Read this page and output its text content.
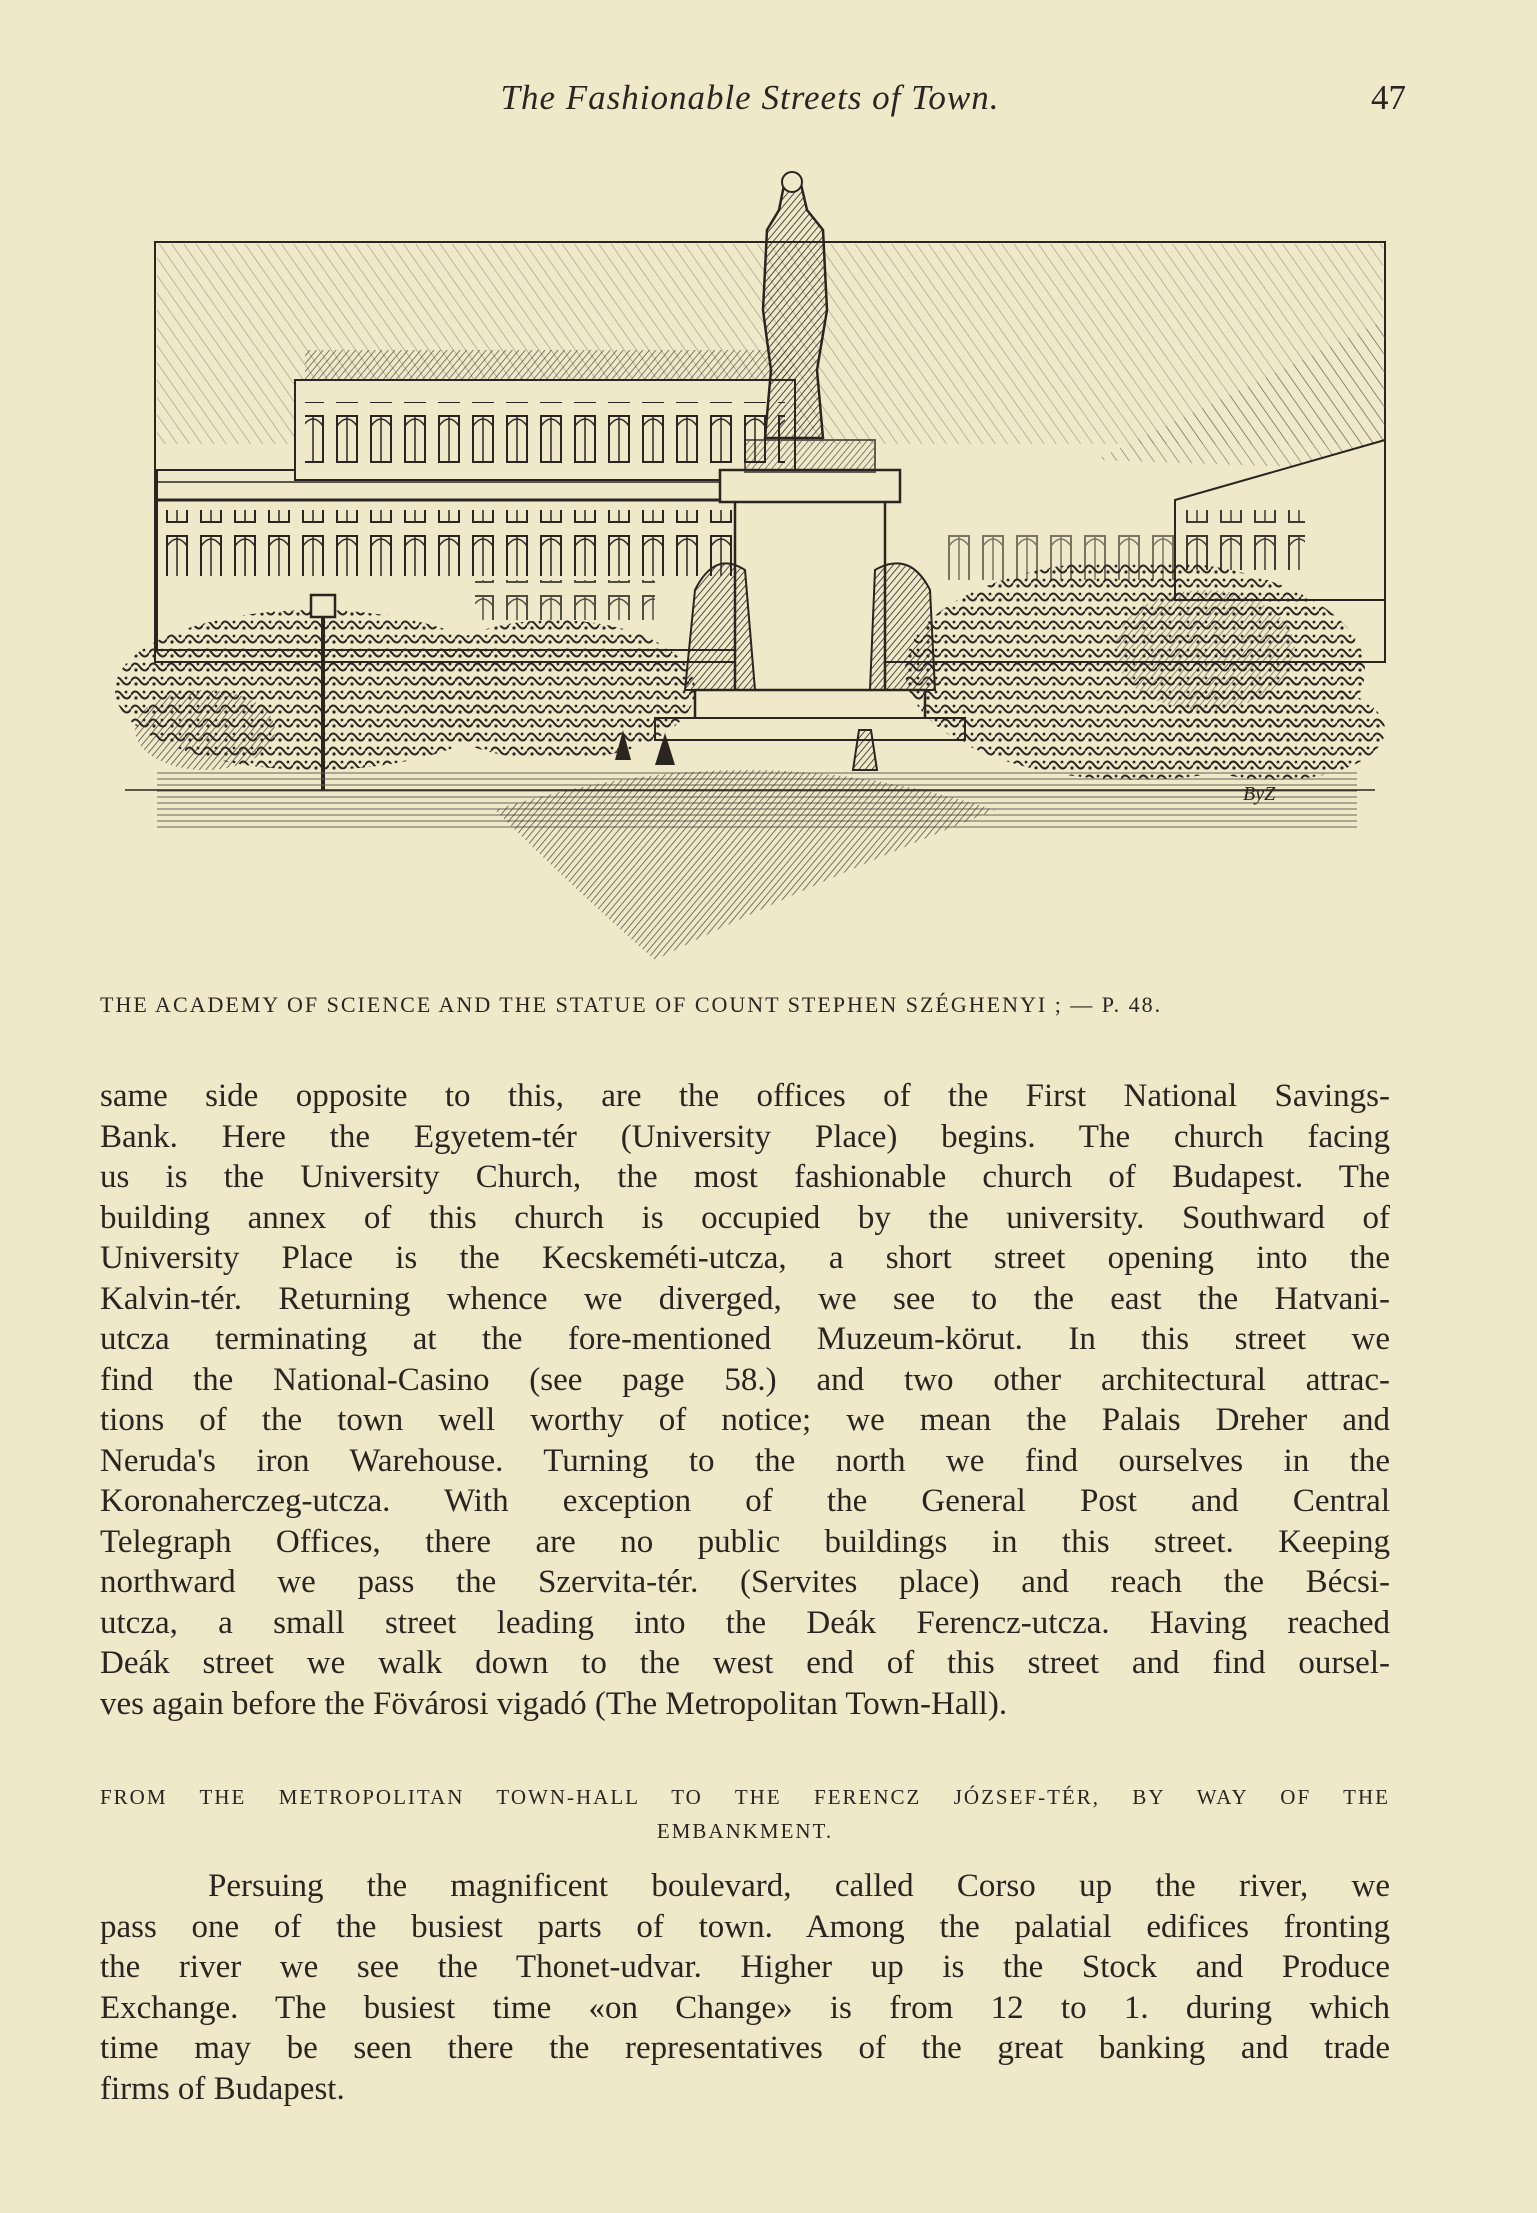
The Fashionable Streets of Town.	47
ByZ
THE ACADEMY OF SCIENCE AND THE STATUE OF COUNT STEPHEN SZÉGHENYI ; — P. 48.
same side opposite to this, are the offices of the First National Savings-
Bank. Here the Egyetem-tér (University Place) begins. The church facing
us is the University Church, the most fashionable church of Budapest. The
building annex of this church is occupied by the university. Southward of
University Place is the Kecskeméti-utcza, a short street opening into the
Kalvin-tér. Returning whence we diverged, we see to the east the Hatvani-
utcza terminating at the fore-mentioned Muzeum-körut. In this street we
find the National-Casino (see page 58.) and two other architectural attrac-
tions of the town well worthy of notice; we mean the Palais Dreher and
Neruda's iron Warehouse. Turning to the north we find ourselves in the
Koronaherczeg-utcza. With exception of the General Post and Central
Telegraph Offices, there are no public buildings in this street. Keeping
northward we pass the Szervita-tér. (Servites place) and reach the Bécsi-
utcza, a small street leading into the Deák Ferencz-utcza. Having reached
Deák street we walk down to the west end of this street and find oursel-
ves again before the Fövárosi vigadó (The Metropolitan Town-Hall).
FROM THE METROPOLITAN TOWN-HALL TO THE FERENCZ JÓZSEF-TÉR, BY WAY OF THE
EMBANKMENT.
Persuing the magnificent boulevard, called Corso up the river, we
pass one of the busiest parts of town. Among the palatial edifices fronting
the river we see the Thonet-udvar. Higher up is the Stock and Produce
Exchange. The busiest time «on Change» is from 12 to 1. during which
time may be seen there the representatives of the great banking and trade
firms of Budapest.
